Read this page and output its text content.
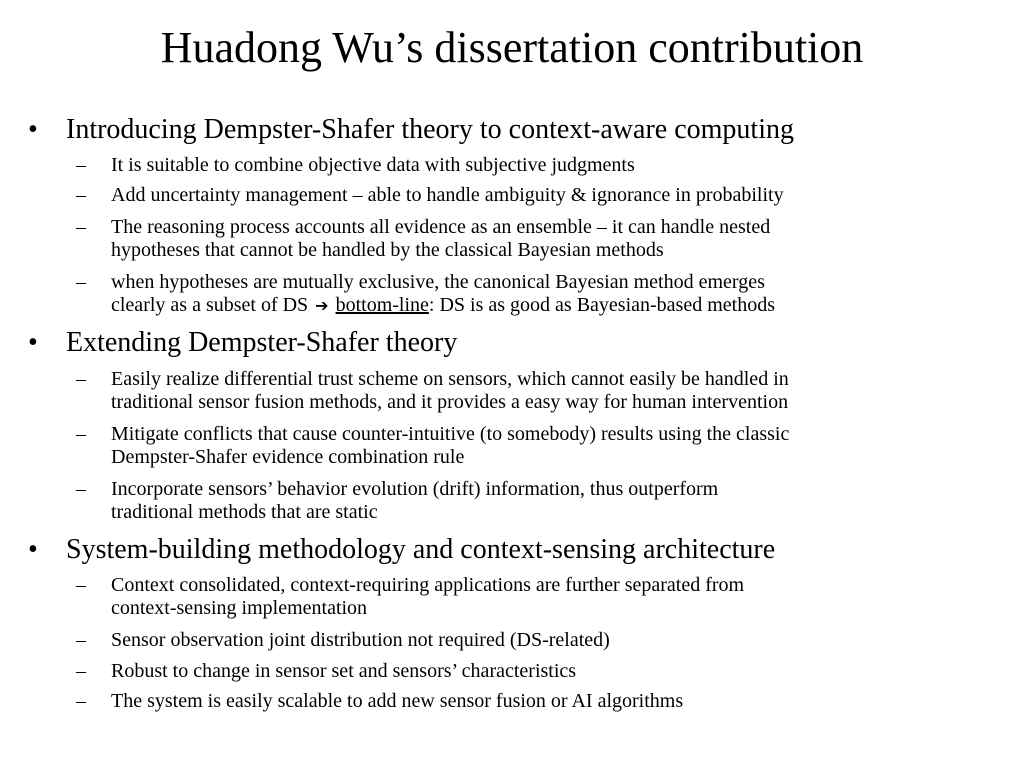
Huadong Wu’s dissertation contribution
• Introducing Dempster-Shafer theory to context-aware computing
– It is suitable to combine objective data with subjective judgments
– Add uncertainty management – able to handle ambiguity & ignorance in probability
– The reasoning process accounts all evidence as an ensemble – it can handle nested
hypotheses that cannot be handled by the classical Bayesian methods
– when hypotheses are mutually exclusive, the canonical Bayesian method emerges
clearly as a subset of DS ➔ bottom-line: DS is as good as Bayesian-based methods
• Extending Dempster-Shafer theory
– Easily realize differential trust scheme on sensors, which cannot easily be handled in
traditional sensor fusion methods, and it provides a easy way for human intervention
– Mitigate conflicts that cause counter-intuitive (to somebody) results using the classic
Dempster-Shafer evidence combination rule
– Incorporate sensors’ behavior evolution (drift) information, thus outperform
traditional methods that are static
• System-building methodology and context-sensing architecture
– Context consolidated, context-requiring applications are further separated from
context-sensing implementation
– Sensor observation joint distribution not required (DS-related)
– Robust to change in sensor set and sensors’ characteristics
– The system is easily scalable to add new sensor fusion or AI algorithms
